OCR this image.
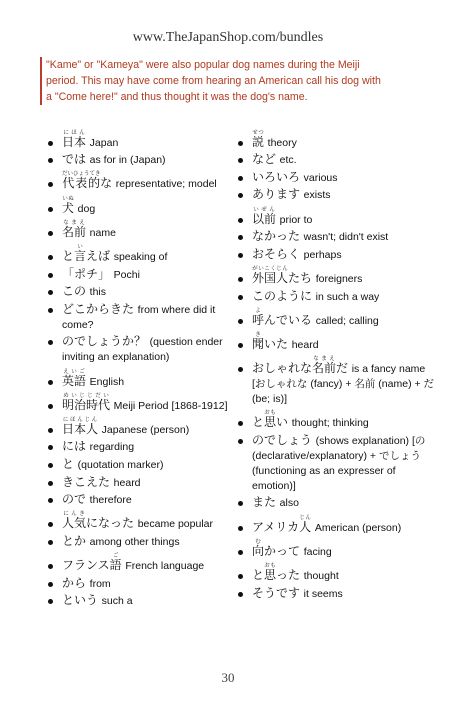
www.TheJapanShop.com/bundles
"Kame" or "Kameya" were also popular dog names during the Meiji period. This may have come from hearing an American call his dog with a "Come here!" and thus thought it was the dog's name.
日本にほん Japan
では as for in (Japan)
代表的だいひょうてきな representative; model
犬いぬ dog
名前なまえ name
と言いえば speaking of
「ポチ」 Pochi
この this
どこからきた from where did it come?
のでしょうか？ (question ender inviting an explanation)
英語えいご English
明治時代めいじじだい Meiji Period [1868-1912]
日本人にほんじん Japanese (person)
には regarding
と (quotation marker)
きこえた heard
ので therefore
人気にんきになった became popular
とか among other things
フランス語ご French language
から from
という such a
説せつ theory
など etc.
いろいろ various
あります exists
以前いぜん prior to
なかった wasn't; didn't exist
おそらく perhaps
外国人がいこくじんたち foreigners
このように in such a way
呼よんでいる called; calling
聞きいた heard
おしゃれな名前なまえだ is a fancy name [おしゃれな (fancy) + 名前 (name) + だ (be; is)]
と思おもい thought; thinking
のでしょう (shows explanation) [の (declarative/explanatory) + でしょう (functioning as an expresser of emotion)]
また also
アメリカ人じん American (person)
向むかって facing
と思おもった thought
そうです it seems
30
